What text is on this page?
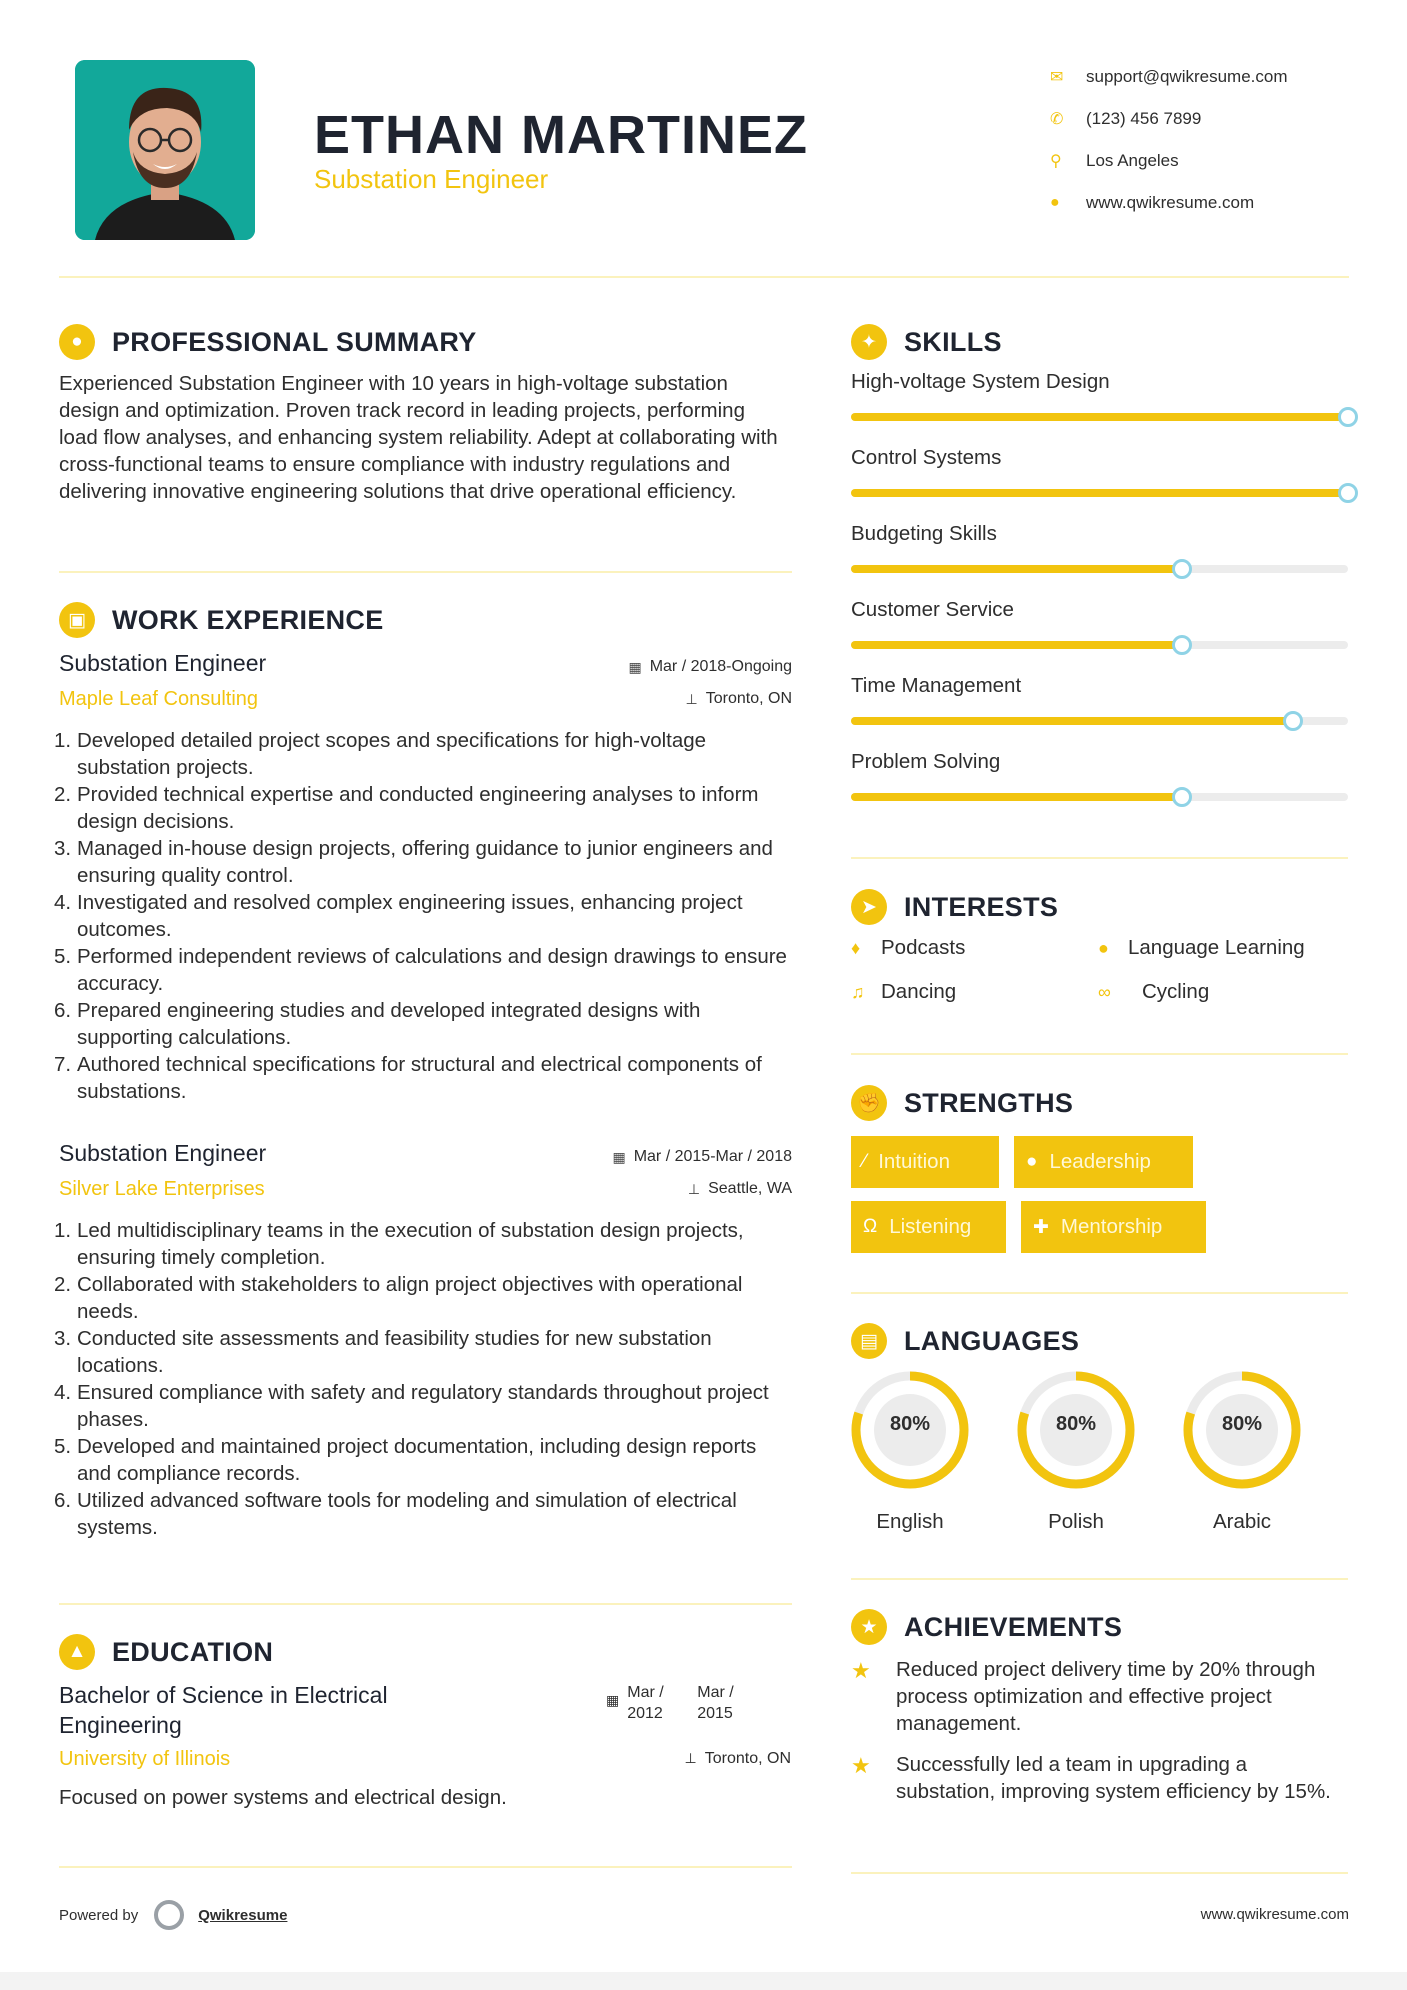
ETHAN MARTINEZ
Substation Engineer
✉	support@qwikresume.com
✆	(123) 456 7899
⚲	Los Angeles
●	www.qwikresume.com
●	PROFESSIONAL SUMMARY
Experienced Substation Engineer with 10 years in high-voltage substation design and optimization. Proven track record in leading projects, performing load flow analyses, and enhancing system reliability. Adept at collaborating with cross-functional teams to ensure compliance with industry regulations and delivering innovative engineering solutions that drive operational efficiency.
▣ WORK EXPERIENCE
Substation Engineer
Maple Leaf Consulting
▦ Mar / 2018-Ongoing
⊥ Toronto, ON
1. Developed detailed project scopes and specifications for high-voltage substation projects.
2. Provided technical expertise and conducted engineering analyses to inform design decisions.
3. Managed in-house design projects, offering guidance to junior engineers and ensuring quality control.
4. Investigated and resolved complex engineering issues, enhancing project outcomes.
5. Performed independent reviews of calculations and design drawings to ensure accuracy.
6. Prepared engineering studies and developed integrated designs with supporting calculations.
7. Authored technical specifications for structural and electrical components of substations.
Substation Engineer
Silver Lake Enterprises
▦ Mar / 2015-Mar / 2018
⊥ Seattle, WA
1. Led multidisciplinary teams in the execution of substation design projects, ensuring timely completion.
2. Collaborated with stakeholders to align project objectives with operational needs.
3. Conducted site assessments and feasibility studies for new substation locations.
4. Ensured compliance with safety and regulatory standards throughout project phases.
5. Developed and maintained project documentation, including design reports and compliance records.
6. Utilized advanced software tools for modeling and simulation of electrical systems.
▲ EDUCATION
Bachelor of Science in Electrical Engineering
▦ Mar / 2012
Mar / 2015
University of Illinois	⊥ Toronto, ON
Focused on power systems and electrical design.
✦	SKILLS
High-voltage System Design
Control Systems
Budgeting Skills
Customer Service
Time Management
Problem Solving
➤	INTERESTS
♦	Podcasts	● Language Learning
♫ Dancing	∞	Cycling
✊ STRENGTHS
⁄ Intuition	● Leadership
Ω Listening	✚ Mentorship
▤ LANGUAGES
80%
English
80%
Polish
80%
Arabic
★ ACHIEVEMENTS
★	Reduced project delivery time by 20% through process optimization and effective project management.
★	Successfully led a team in upgrading a substation, improving system efficiency by 15%.
Powered by	Qwikresume	www.qwikresume.com
